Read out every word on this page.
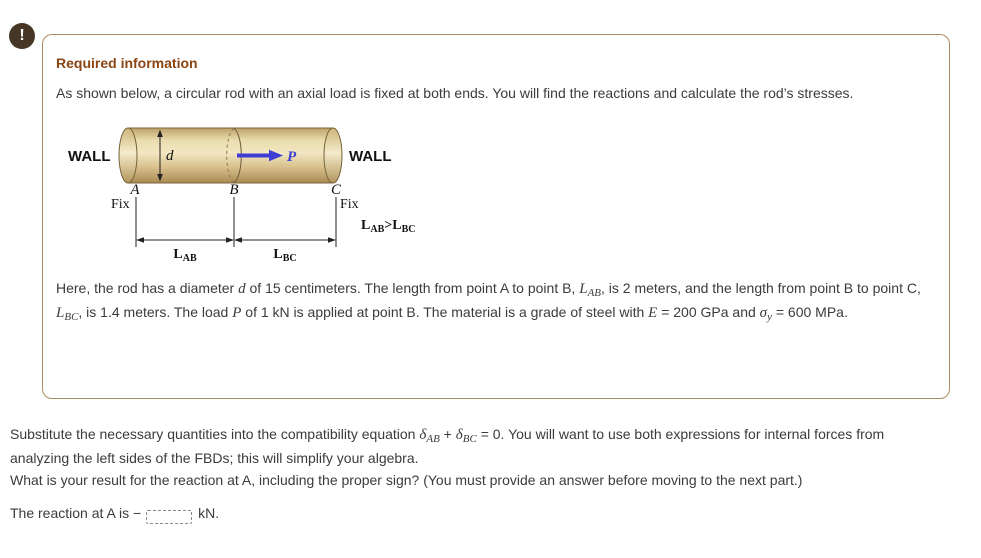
!
Required information

As shown below, a circular rod with an axial load is fixed at both ends. You will find the reactions and calculate the rod’s stresses.

d	P
WALL	WALL
A	B	C
Fix	Fix
$L_{AB}$	$L_{BC}$
$L_{AB}>L_{BC}$

Here, the rod has a diameter d of 15 centimeters. The length from point A to point B, $L_{AB}$, is 2 meters, and the length from point B to point C, $L_{BC}$, is 1.4 meters. The load P of 1 kN is applied at point B. The material is a grade of steel with E = 200 GPa and $\sigma_y = 600$ MPa.

Substitute the necessary quantities into the compatibility equation $\delta_{AB} + \delta_{BC} = 0$. You will want to use both expressions for internal forces from analyzing the left sides of the FBDs; this will simplify your algebra.

What is your result for the reaction at A, including the proper sign? (You must provide an answer before moving to the next part.)

The reaction at A is −	kN.
